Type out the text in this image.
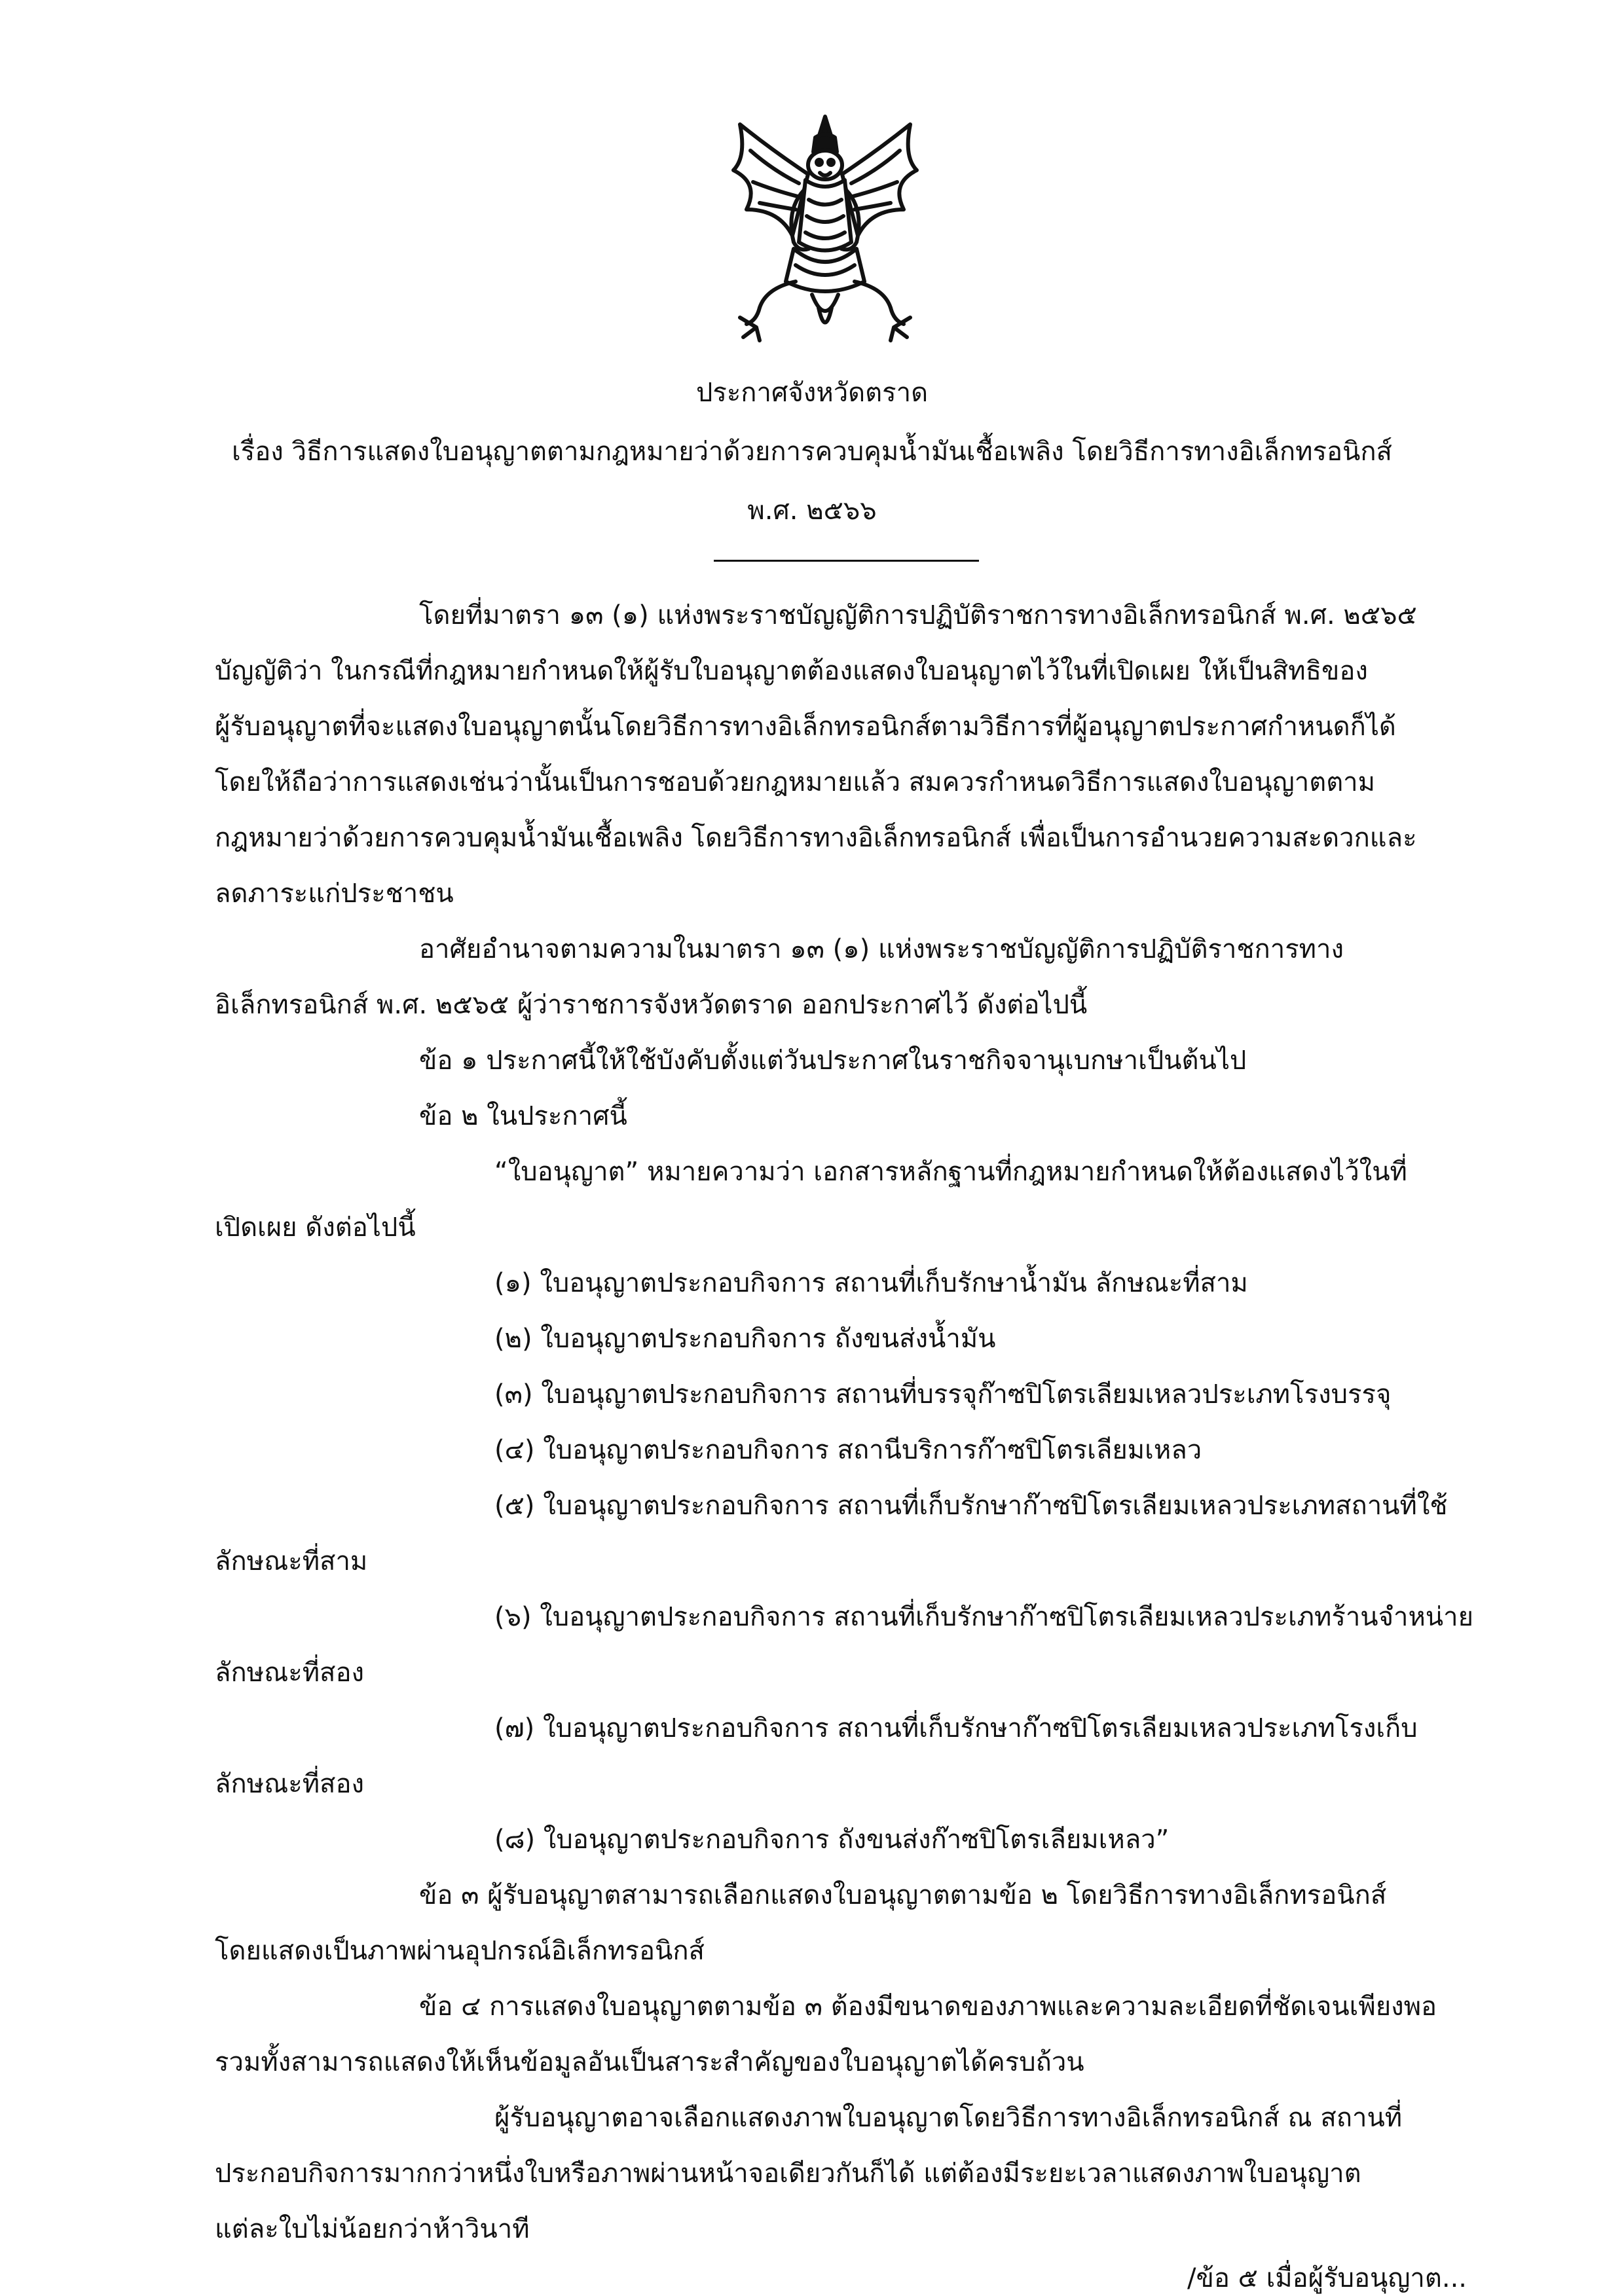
ประกาศจังหวัดตราด
เรื่อง วิธีการแสดงใบอนุญาตตามกฎหมายว่าด้วยการควบคุมน้ำมันเชื้อเพลิง โดยวิธีการทางอิเล็กทรอนิกส์
พ.ศ. ๒๕๖๖
โดยที่มาตรา ๑๓ (๑) แห่งพระราชบัญญัติการปฏิบัติราชการทางอิเล็กทรอนิกส์ พ.ศ. ๒๕๖๕
บัญญัติว่า ในกรณีที่กฎหมายกำหนดให้ผู้รับใบอนุญาตต้องแสดงใบอนุญาตไว้ในที่เปิดเผย ให้เป็นสิทธิของ
ผู้รับอนุญาตที่จะแสดงใบอนุญาตนั้นโดยวิธีการทางอิเล็กทรอนิกส์ตามวิธีการที่ผู้อนุญาตประกาศกำหนดก็ได้
โดยให้ถือว่าการแสดงเช่นว่านั้นเป็นการชอบด้วยกฎหมายแล้ว สมควรกำหนดวิธีการแสดงใบอนุญาตตาม
กฎหมายว่าด้วยการควบคุมน้ำมันเชื้อเพลิง โดยวิธีการทางอิเล็กทรอนิกส์ เพื่อเป็นการอำนวยความสะดวกและ
ลดภาระแก่ประชาชน
อาศัยอำนาจตามความในมาตรา ๑๓ (๑) แห่งพระราชบัญญัติการปฏิบัติราชการทาง
อิเล็กทรอนิกส์ พ.ศ. ๒๕๖๕ ผู้ว่าราชการจังหวัดตราด ออกประกาศไว้ ดังต่อไปนี้
ข้อ ๑ ประกาศนี้ให้ใช้บังคับตั้งแต่วันประกาศในราชกิจจานุเบกษาเป็นต้นไป
ข้อ ๒ ในประกาศนี้
“ใบอนุญาต” หมายความว่า เอกสารหลักฐานที่กฎหมายกำหนดให้ต้องแสดงไว้ในที่
เปิดเผย ดังต่อไปนี้
(๑) ใบอนุญาตประกอบกิจการ สถานที่เก็บรักษาน้ำมัน ลักษณะที่สาม
(๒) ใบอนุญาตประกอบกิจการ ถังขนส่งน้ำมัน
(๓) ใบอนุญาตประกอบกิจการ สถานที่บรรจุก๊าซปิโตรเลียมเหลวประเภทโรงบรรจุ
(๔) ใบอนุญาตประกอบกิจการ สถานีบริการก๊าซปิโตรเลียมเหลว
(๕) ใบอนุญาตประกอบกิจการ สถานที่เก็บรักษาก๊าซปิโตรเลียมเหลวประเภทสถานที่ใช้
ลักษณะที่สาม
(๖) ใบอนุญาตประกอบกิจการ สถานที่เก็บรักษาก๊าซปิโตรเลียมเหลวประเภทร้านจำหน่าย
ลักษณะที่สอง
(๗) ใบอนุญาตประกอบกิจการ สถานที่เก็บรักษาก๊าซปิโตรเลียมเหลวประเภทโรงเก็บ
ลักษณะที่สอง
(๘) ใบอนุญาตประกอบกิจการ ถังขนส่งก๊าซปิโตรเลียมเหลว”
ข้อ ๓ ผู้รับอนุญาตสามารถเลือกแสดงใบอนุญาตตามข้อ ๒ โดยวิธีการทางอิเล็กทรอนิกส์
โดยแสดงเป็นภาพผ่านอุปกรณ์อิเล็กทรอนิกส์
ข้อ ๔ การแสดงใบอนุญาตตามข้อ ๓ ต้องมีขนาดของภาพและความละเอียดที่ชัดเจนเพียงพอ
รวมทั้งสามารถแสดงให้เห็นข้อมูลอันเป็นสาระสำคัญของใบอนุญาตได้ครบถ้วน
ผู้รับอนุญาตอาจเลือกแสดงภาพใบอนุญาตโดยวิธีการทางอิเล็กทรอนิกส์ ณ สถานที่
ประกอบกิจการมากกว่าหนึ่งใบหรือภาพผ่านหน้าจอเดียวกันก็ได้ แต่ต้องมีระยะเวลาแสดงภาพใบอนุญาต
แต่ละใบไม่น้อยกว่าห้าวินาที
/ข้อ ๕ เมื่อผู้รับอนุญาต...
